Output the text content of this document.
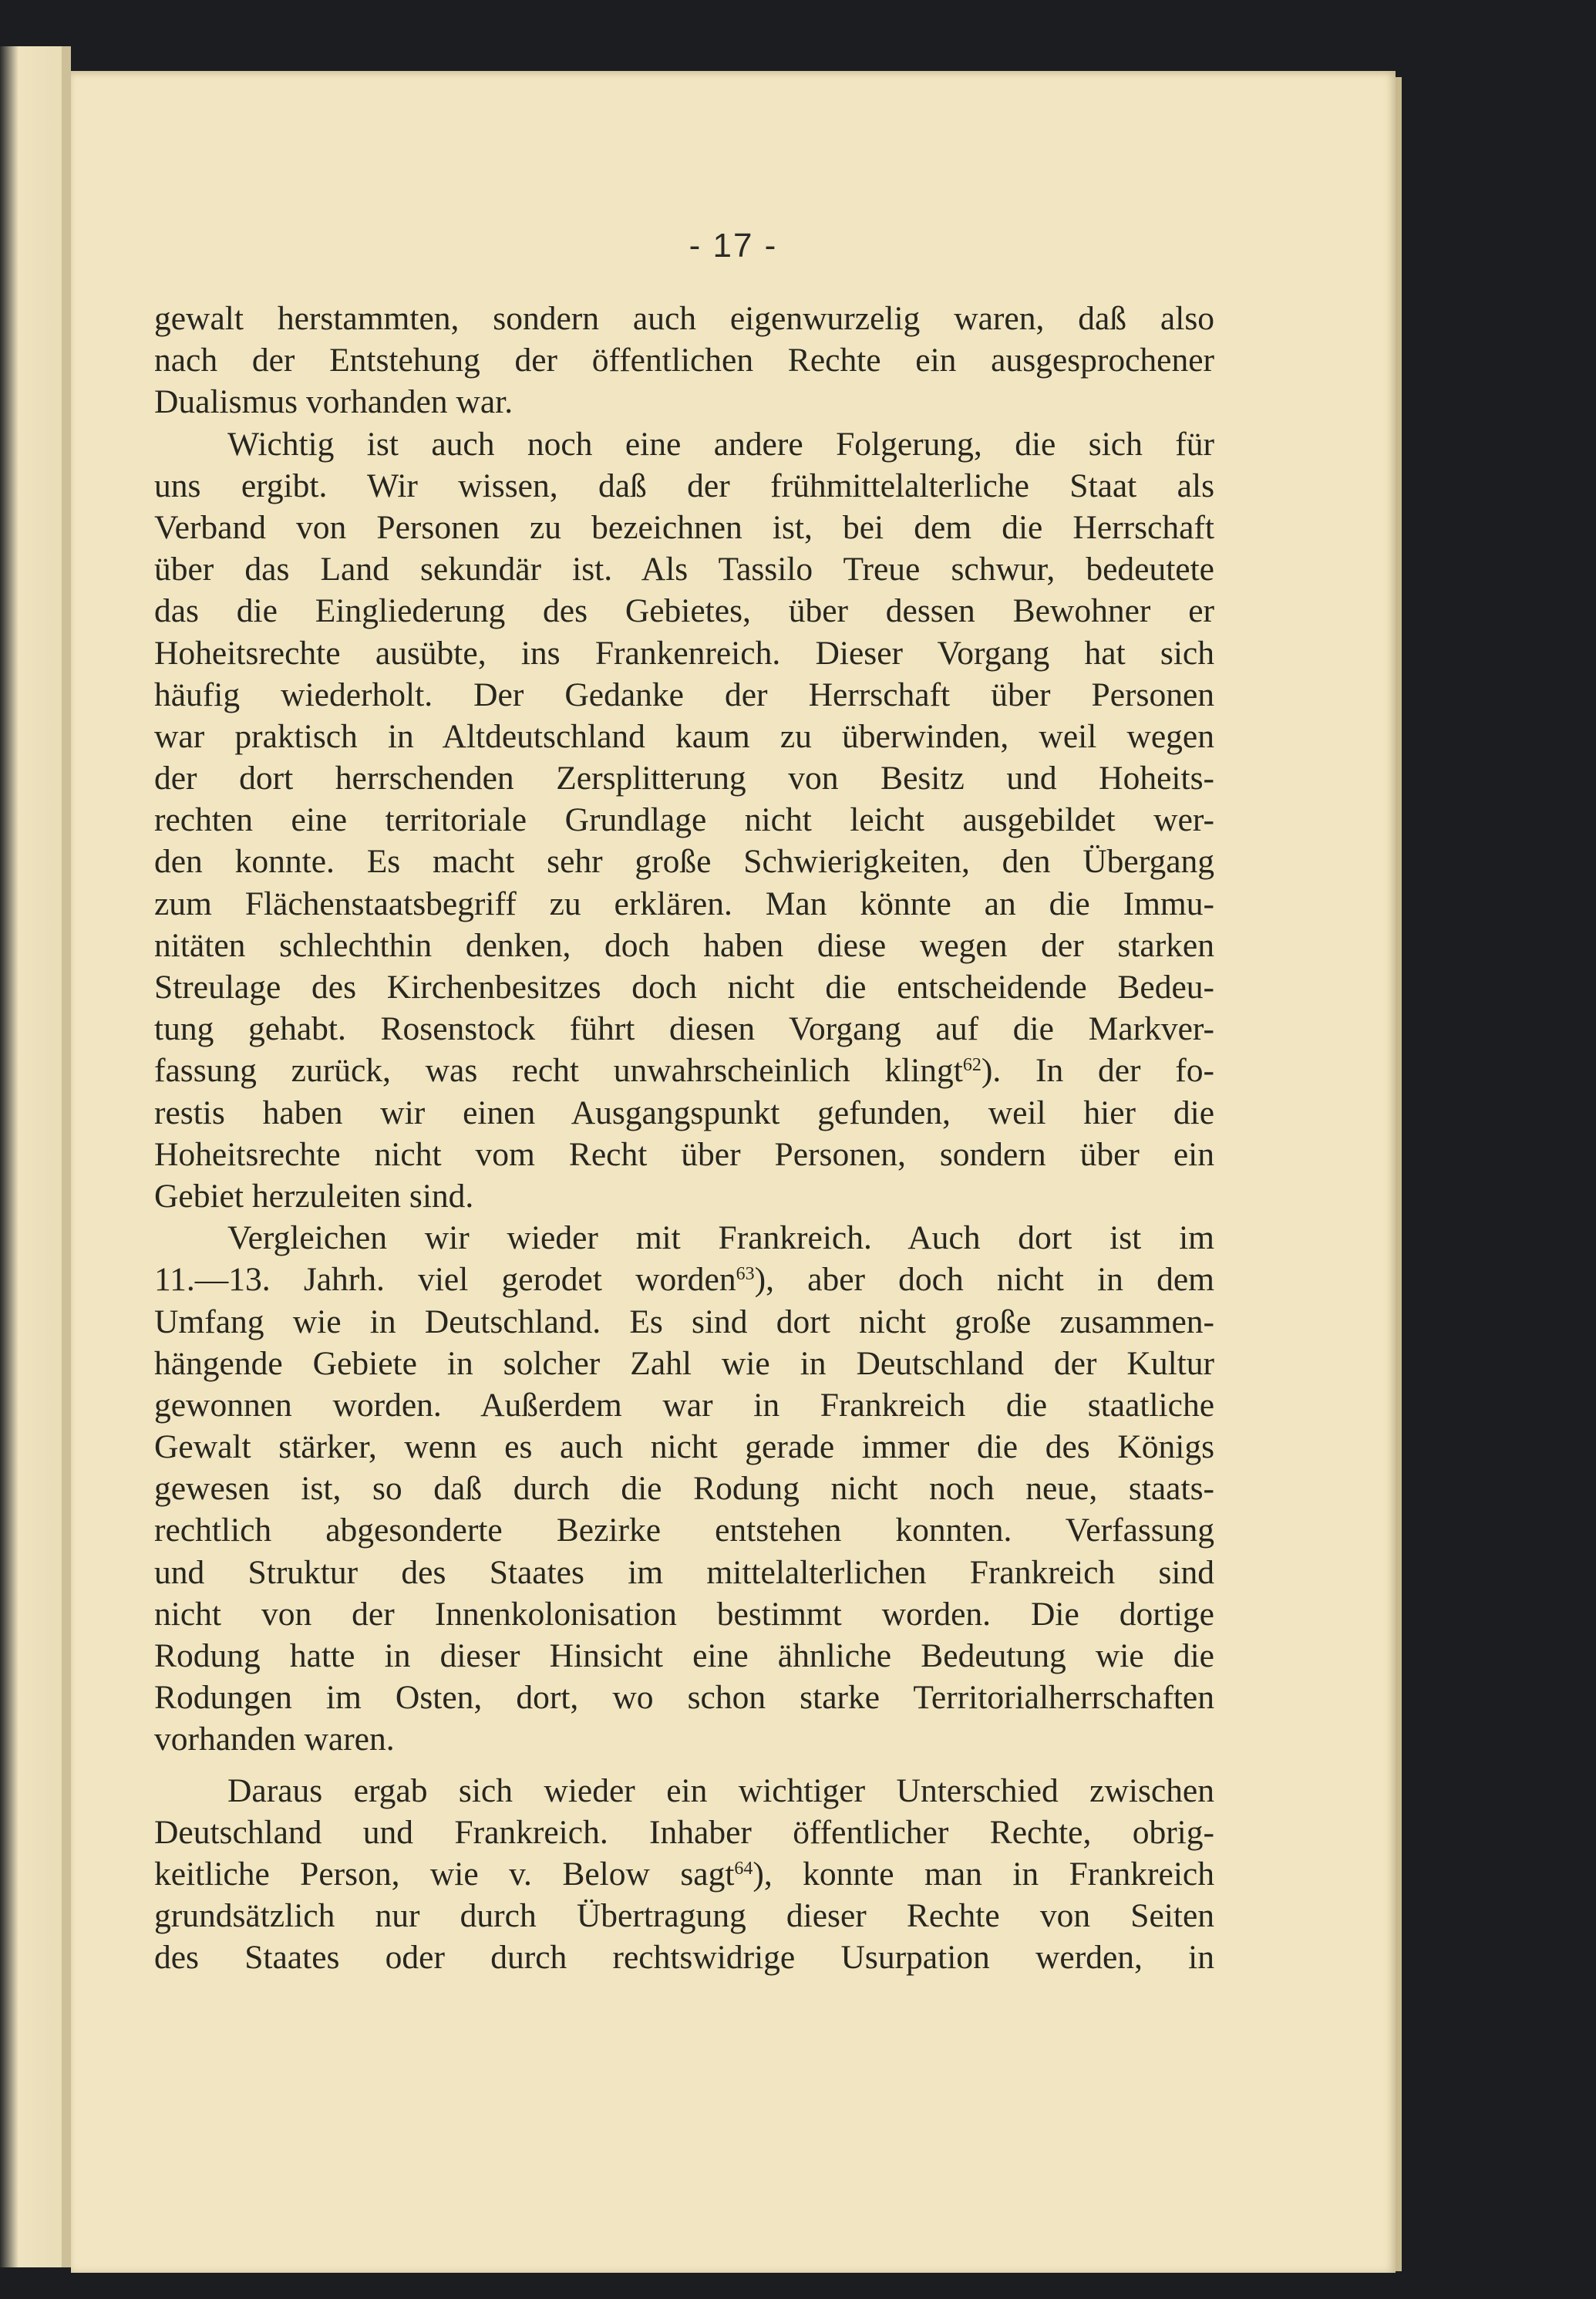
- 17 -
gewalt herstammten, sondern auch eigenwurzelig waren, daß also
nach der Entstehung der öffentlichen Rechte ein ausgesprochener
Dualismus vorhanden war.
Wichtig ist auch noch eine andere Folgerung, die sich für
uns ergibt. Wir wissen, daß der frühmittelalterliche Staat als
Verband von Personen zu bezeichnen ist, bei dem die Herrschaft
über das Land sekundär ist. Als Tassilo Treue schwur, bedeutete
das die Eingliederung des Gebietes, über dessen Bewohner er
Hoheitsrechte ausübte, ins Frankenreich. Dieser Vorgang hat sich
häufig wiederholt. Der Gedanke der Herrschaft über Personen
war praktisch in Altdeutschland kaum zu überwinden, weil wegen
der dort herrschenden Zersplitterung von Besitz und Hoheits-
rechten eine territoriale Grundlage nicht leicht ausgebildet wer-
den konnte. Es macht sehr große Schwierigkeiten, den Übergang
zum Flächenstaatsbegriff zu erklären. Man könnte an die Immu-
nitäten schlechthin denken, doch haben diese wegen der starken
Streulage des Kirchenbesitzes doch nicht die entscheidende Bedeu-
tung gehabt. Rosenstock führt diesen Vorgang auf die Markver-
fassung zurück, was recht unwahrscheinlich klingt$^{62}$). In der fo-
restis haben wir einen Ausgangspunkt gefunden, weil hier die
Hoheitsrechte nicht vom Recht über Personen, sondern über ein
Gebiet herzuleiten sind.
Vergleichen wir wieder mit Frankreich. Auch dort ist im
11.—13. Jahrh. viel gerodet worden$^{63}$), aber doch nicht in dem
Umfang wie in Deutschland. Es sind dort nicht große zusammen-
hängende Gebiete in solcher Zahl wie in Deutschland der Kultur
gewonnen worden. Außerdem war in Frankreich die staatliche
Gewalt stärker, wenn es auch nicht gerade immer die des Königs
gewesen ist, so daß durch die Rodung nicht noch neue, staats-
rechtlich abgesonderte Bezirke entstehen konnten. Verfassung
und Struktur des Staates im mittelalterlichen Frankreich sind
nicht von der Innenkolonisation bestimmt worden. Die dortige
Rodung hatte in dieser Hinsicht eine ähnliche Bedeutung wie die
Rodungen im Osten, dort, wo schon starke Territorialherrschaften
vorhanden waren.
Daraus ergab sich wieder ein wichtiger Unterschied zwischen
Deutschland und Frankreich. Inhaber öffentlicher Rechte, obrig-
keitliche Person, wie v. Below sagt$^{64}$), konnte man in Frankreich
grundsätzlich nur durch Übertragung dieser Rechte von Seiten
des Staates oder durch rechtswidrige Usurpation werden, in
